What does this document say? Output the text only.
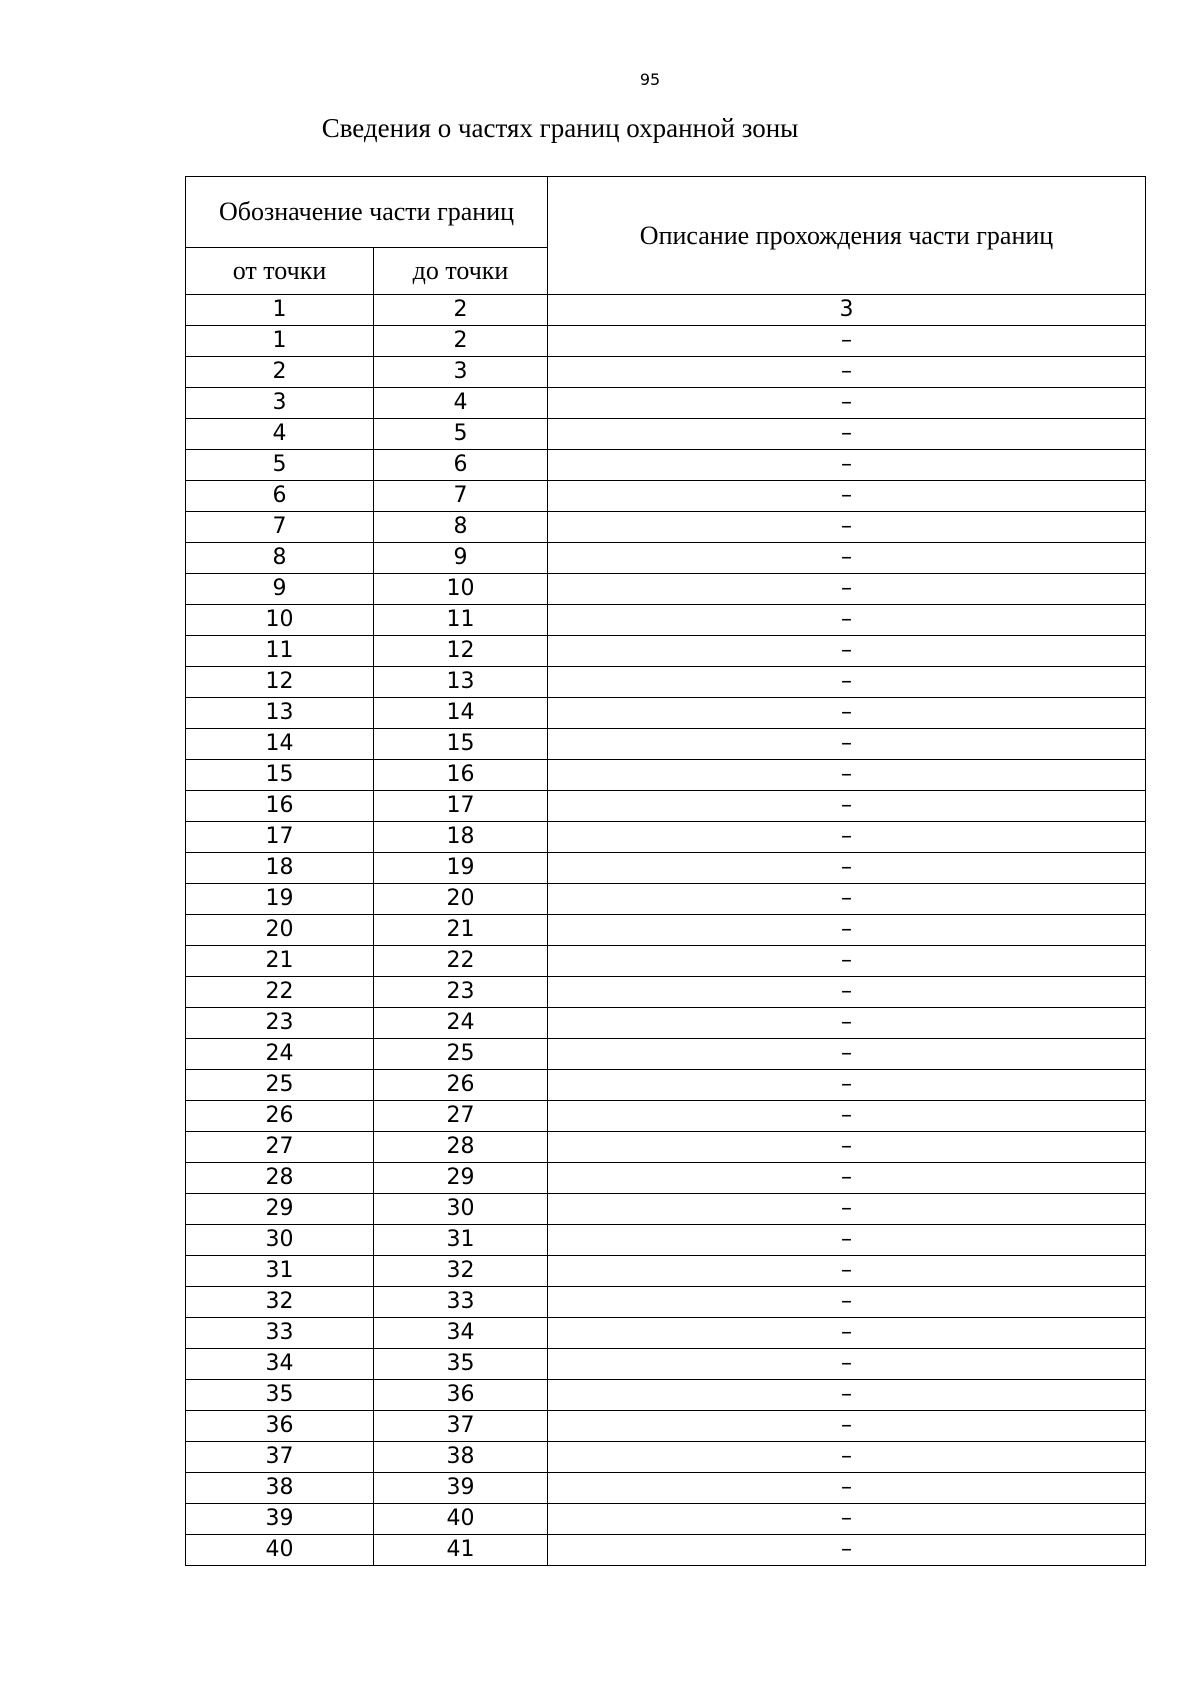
95
Сведения о частях границ охранной зоны
Обозначение части границ		Описание прохождения части границ
от точки	до точки	
1	2	3
1	2	–
2	3	–
3	4	–
4	5	–
5	6	–
6	7	–
7	8	–
8	9	–
9	10	–
10	11	–
11	12	–
12	13	–
13	14	–
14	15	–
15	16	–
16	17	–
17	18	–
18	19	–
19	20	–
20	21	–
21	22	–
22	23	–
23	24	–
24	25	–
25	26	–
26	27	–
27	28	–
28	29	–
29	30	–
30	31	–
31	32	–
32	33	–
33	34	–
34	35	–
35	36	–
36	37	–
37	38	–
38	39	–
39	40	–
40	41	–
